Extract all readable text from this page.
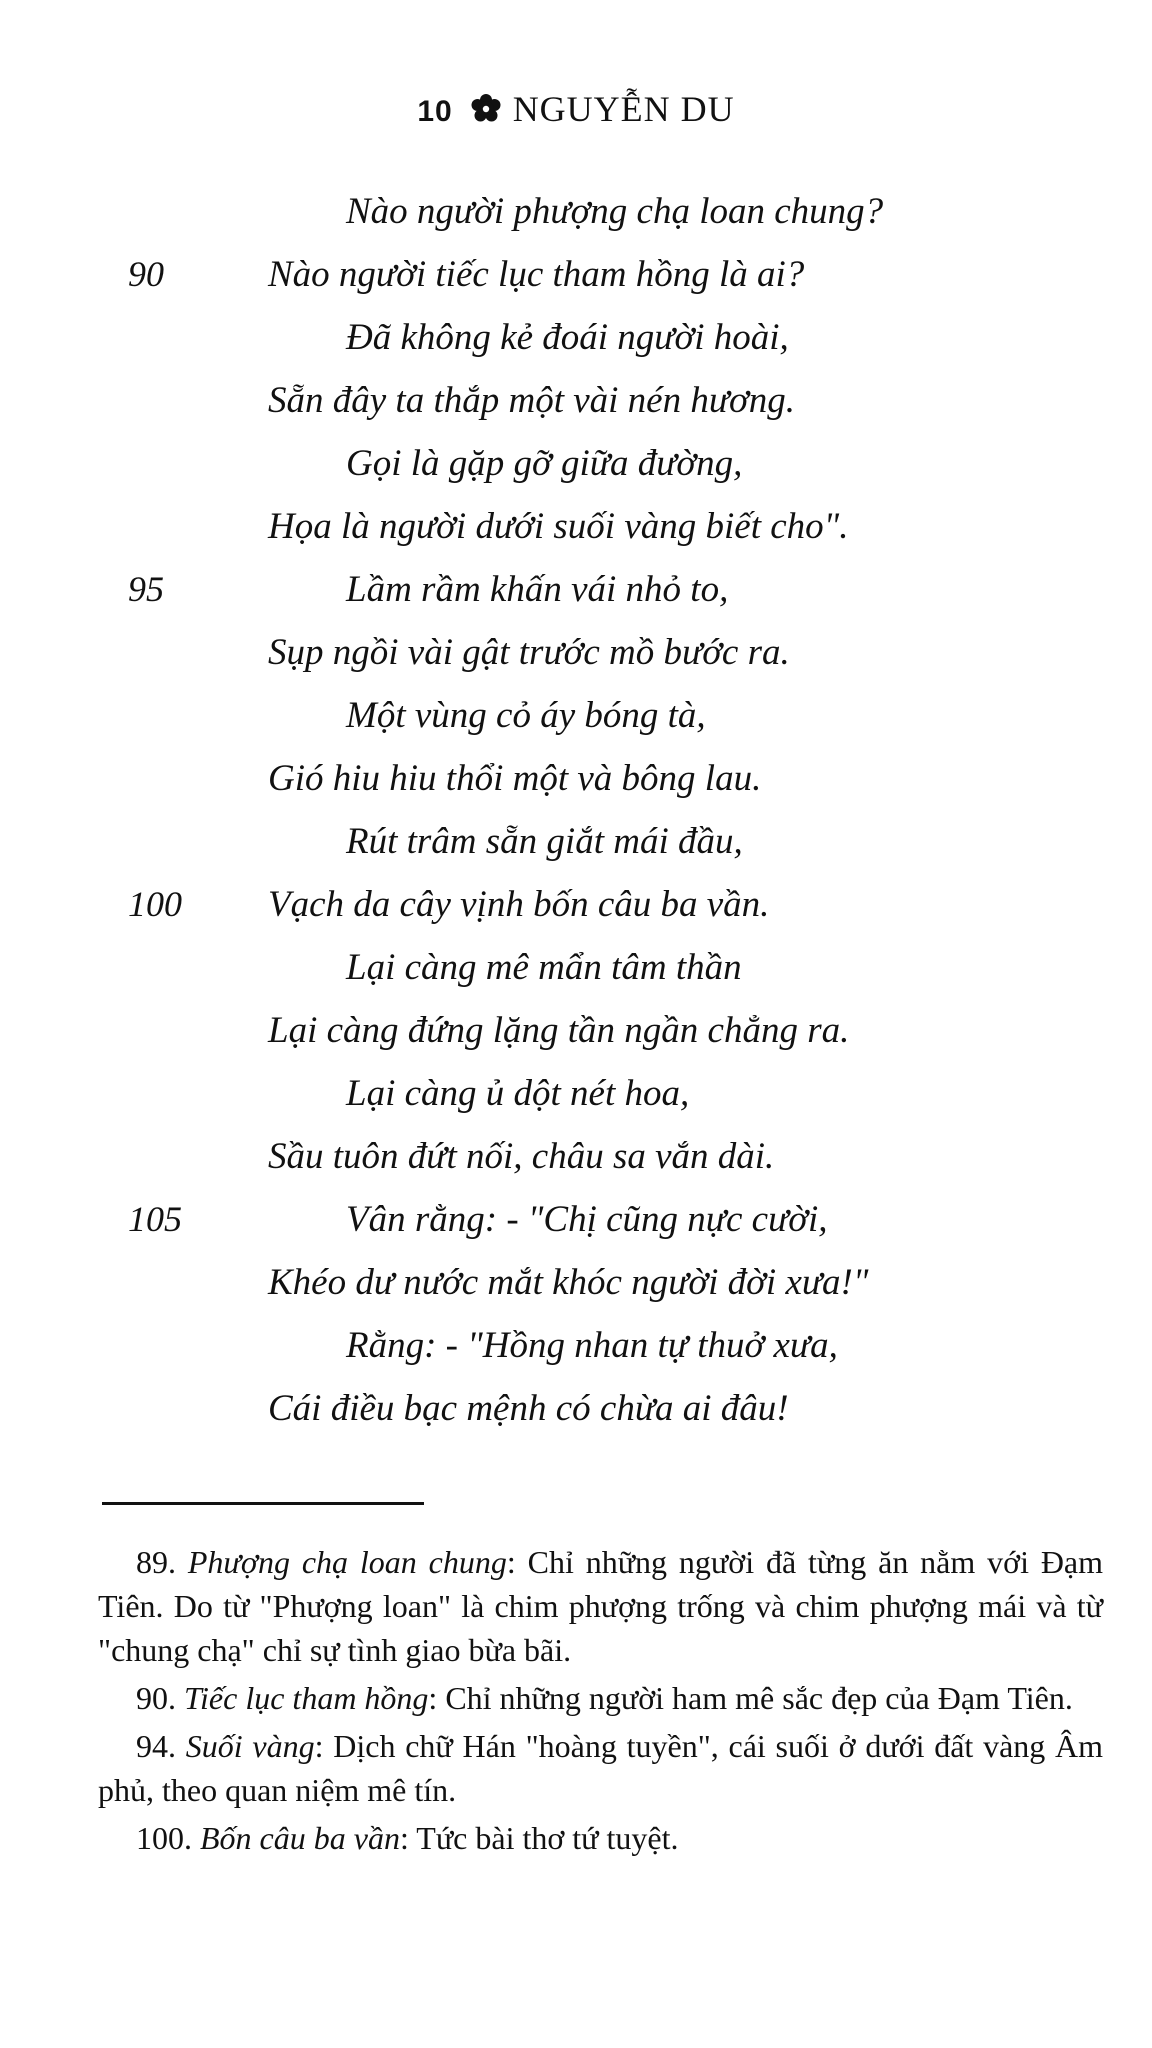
10 NGUYỄN DU
Nào người phượng chạ loan chung?
90	Nào người tiếc lục tham hồng là ai?
Đã không kẻ đoái người hoài,
Sẵn đây ta thắp một vài nén hương.
Gọi là gặp gỡ giữa đường,
Họa là người dưới suối vàng biết cho".
95	Lầm rầm khấn vái nhỏ to,
Sụp ngồi vài gật trước mồ bước ra.
Một vùng cỏ áy bóng tà,
Gió hiu hiu thổi một và bông lau.
Rút trâm sẵn giắt mái đầu,
100 Vạch da cây vịnh bốn câu ba vần.
Lại càng mê mẩn tâm thần
Lại càng đứng lặng tần ngần chẳng ra.
Lại càng ủ dột nét hoa,
Sầu tuôn đứt nối, châu sa vắn dài.
105	Vân rằng: - "Chị cũng nực cười,
Khéo dư nước mắt khóc người đời xưa!"
Rằng: - "Hồng nhan tự thuở xưa,
Cái điều bạc mệnh có chừa ai đâu!

89. Phượng chạ loan chung: Chỉ những người đã từng ăn nằm với Đạm Tiên. Do từ "Phượng loan" là chim phượng trống và chim phượng mái và từ "chung chạ" chỉ sự tình giao bừa bãi.

90. Tiếc lục tham hồng: Chỉ những người ham mê sắc đẹp của Đạm Tiên.

94. Suối vàng: Dịch chữ Hán "hoàng tuyền", cái suối ở dưới đất vàng Âm phủ, theo quan niệm mê tín.

100. Bốn câu ba vần: Tức bài thơ tứ tuyệt.
